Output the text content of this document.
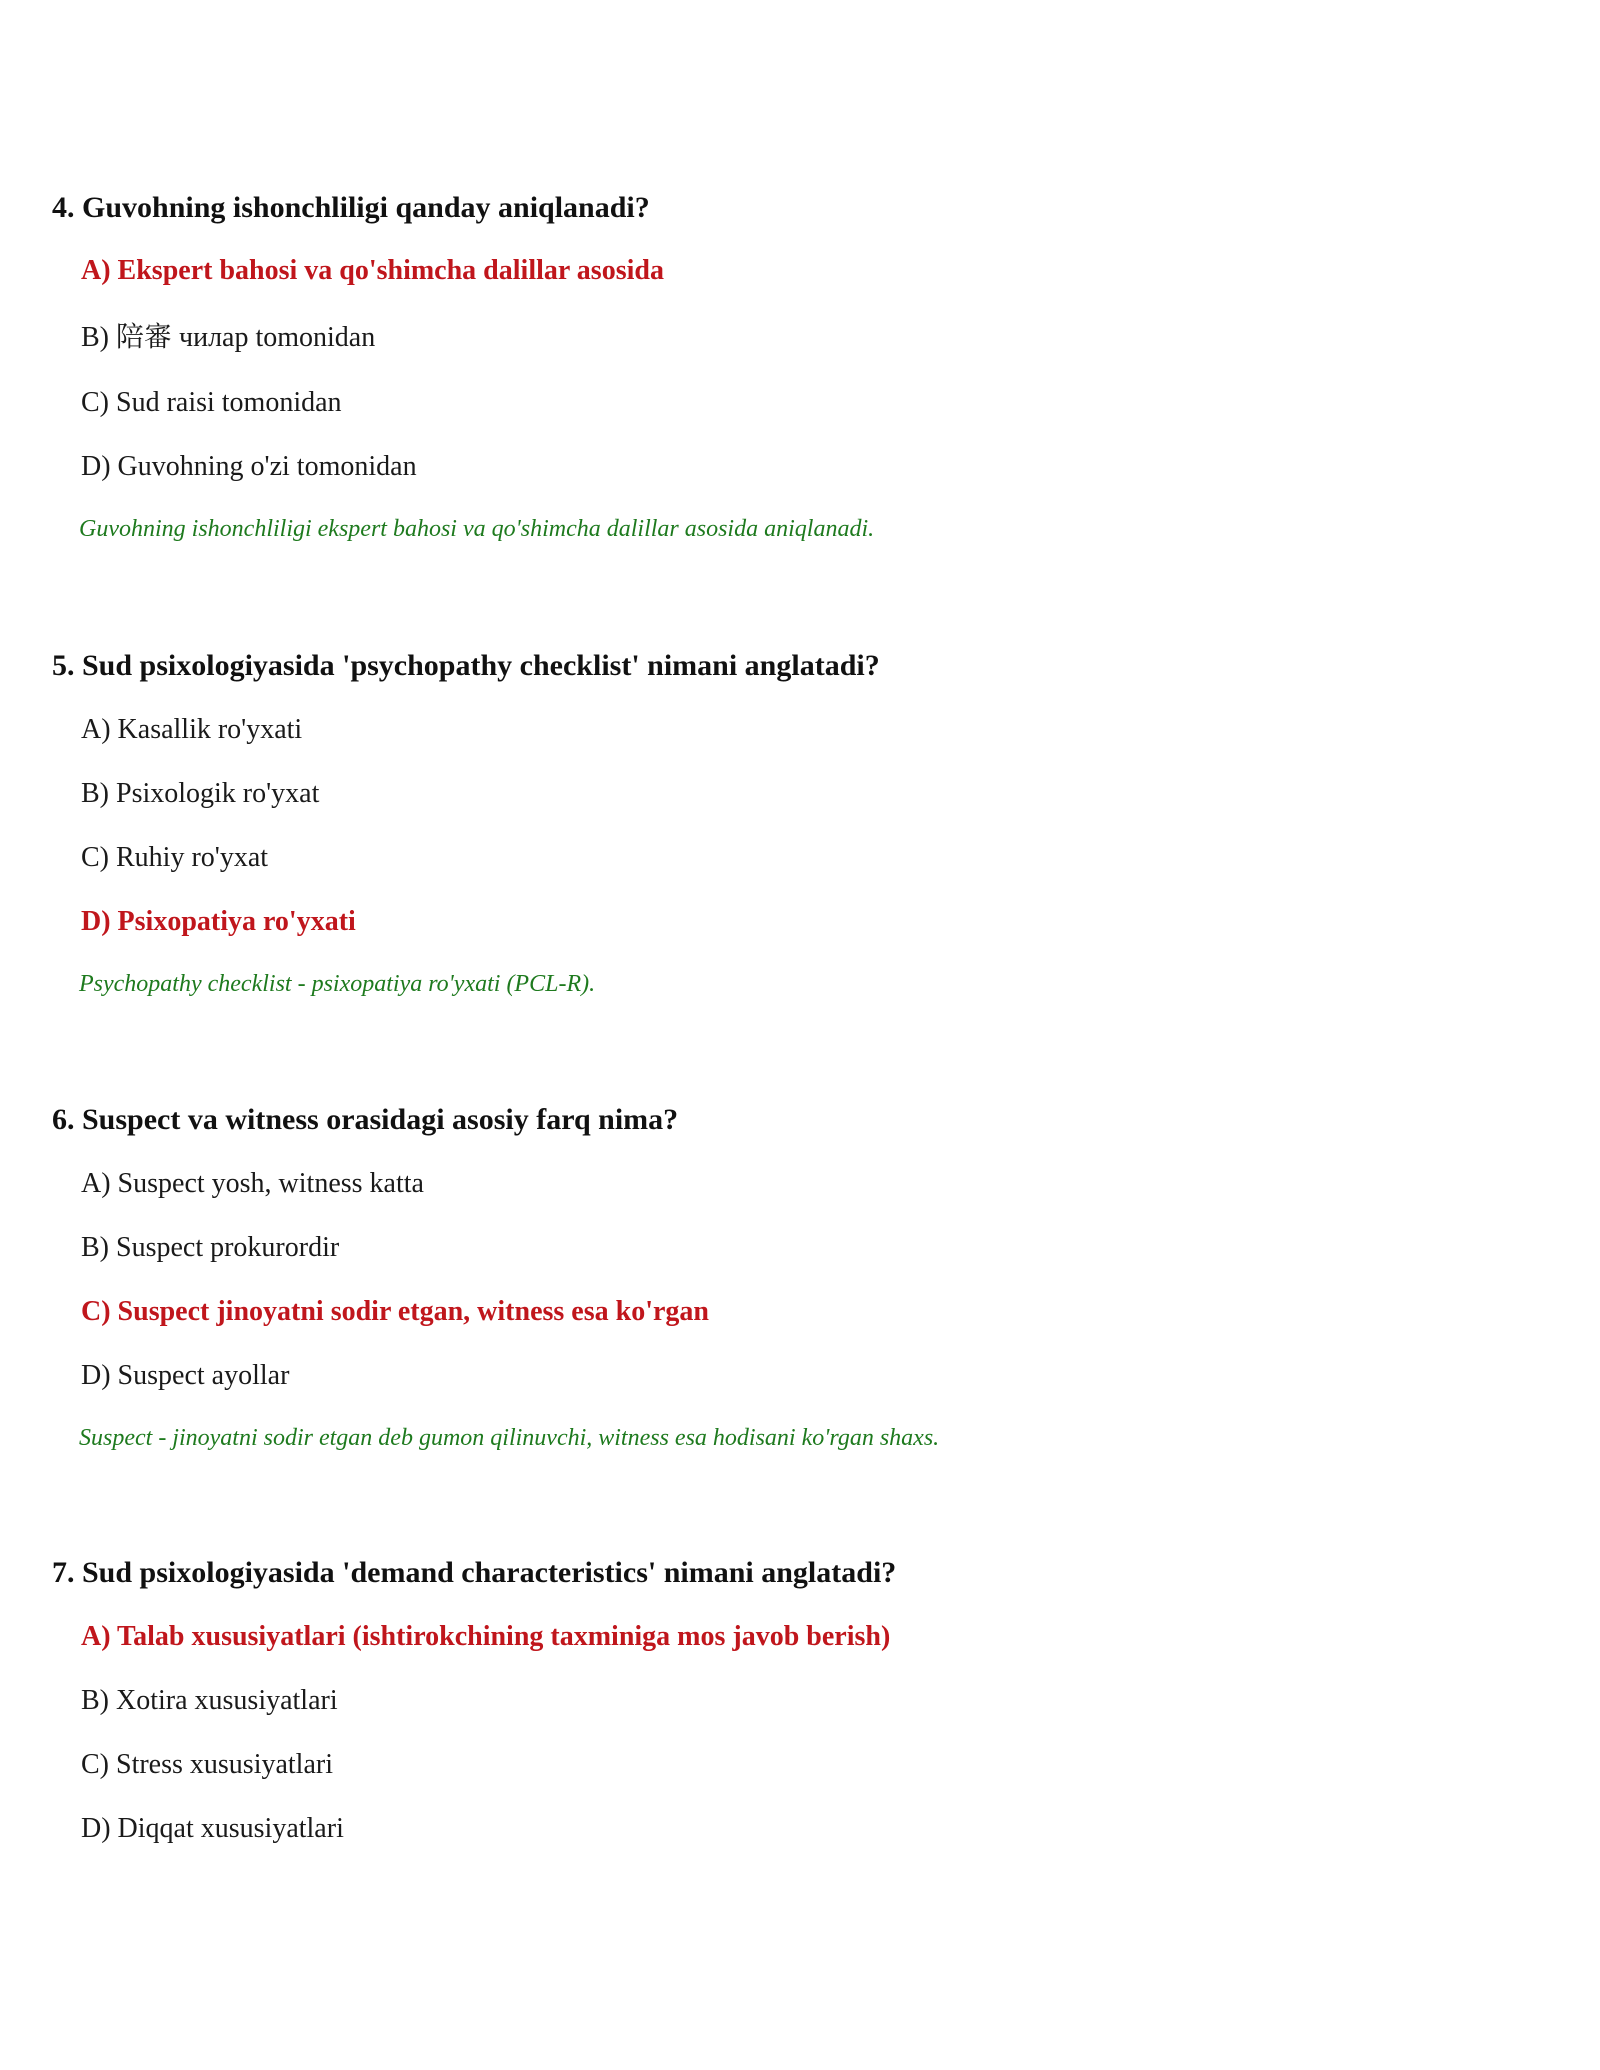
4. Guvohning ishonchliligi qanday aniqlanadi?
A) Ekspert bahosi va qo'shimcha dalillar asosida
B) 陪審 чилар tomonidan
C) Sud raisi tomonidan
D) Guvohning o'zi tomonidan
Guvohning ishonchliligi ekspert bahosi va qo'shimcha dalillar asosida aniqlanadi.
5. Sud psixologiyasida 'psychopathy checklist' nimani anglatadi?
A) Kasallik ro'yxati
B) Psixologik ro'yxat
C) Ruhiy ro'yxat
D) Psixopatiya ro'yxati
Psychopathy checklist - psixopatiya ro'yxati (PCL-R).
6. Suspect va witness orasidagi asosiy farq nima?
A) Suspect yosh, witness katta
B) Suspect prokurordir
C) Suspect jinoyatni sodir etgan, witness esa ko'rgan
D) Suspect ayollar
Suspect - jinoyatni sodir etgan deb gumon qilinuvchi, witness esa hodisani ko'rgan shaxs.
7. Sud psixologiyasida 'demand characteristics' nimani anglatadi?
A) Talab xususiyatlari (ishtirokchining taxminiga mos javob berish)
B) Xotira xususiyatlari
C) Stress xususiyatlari
D) Diqqat xususiyatlari
